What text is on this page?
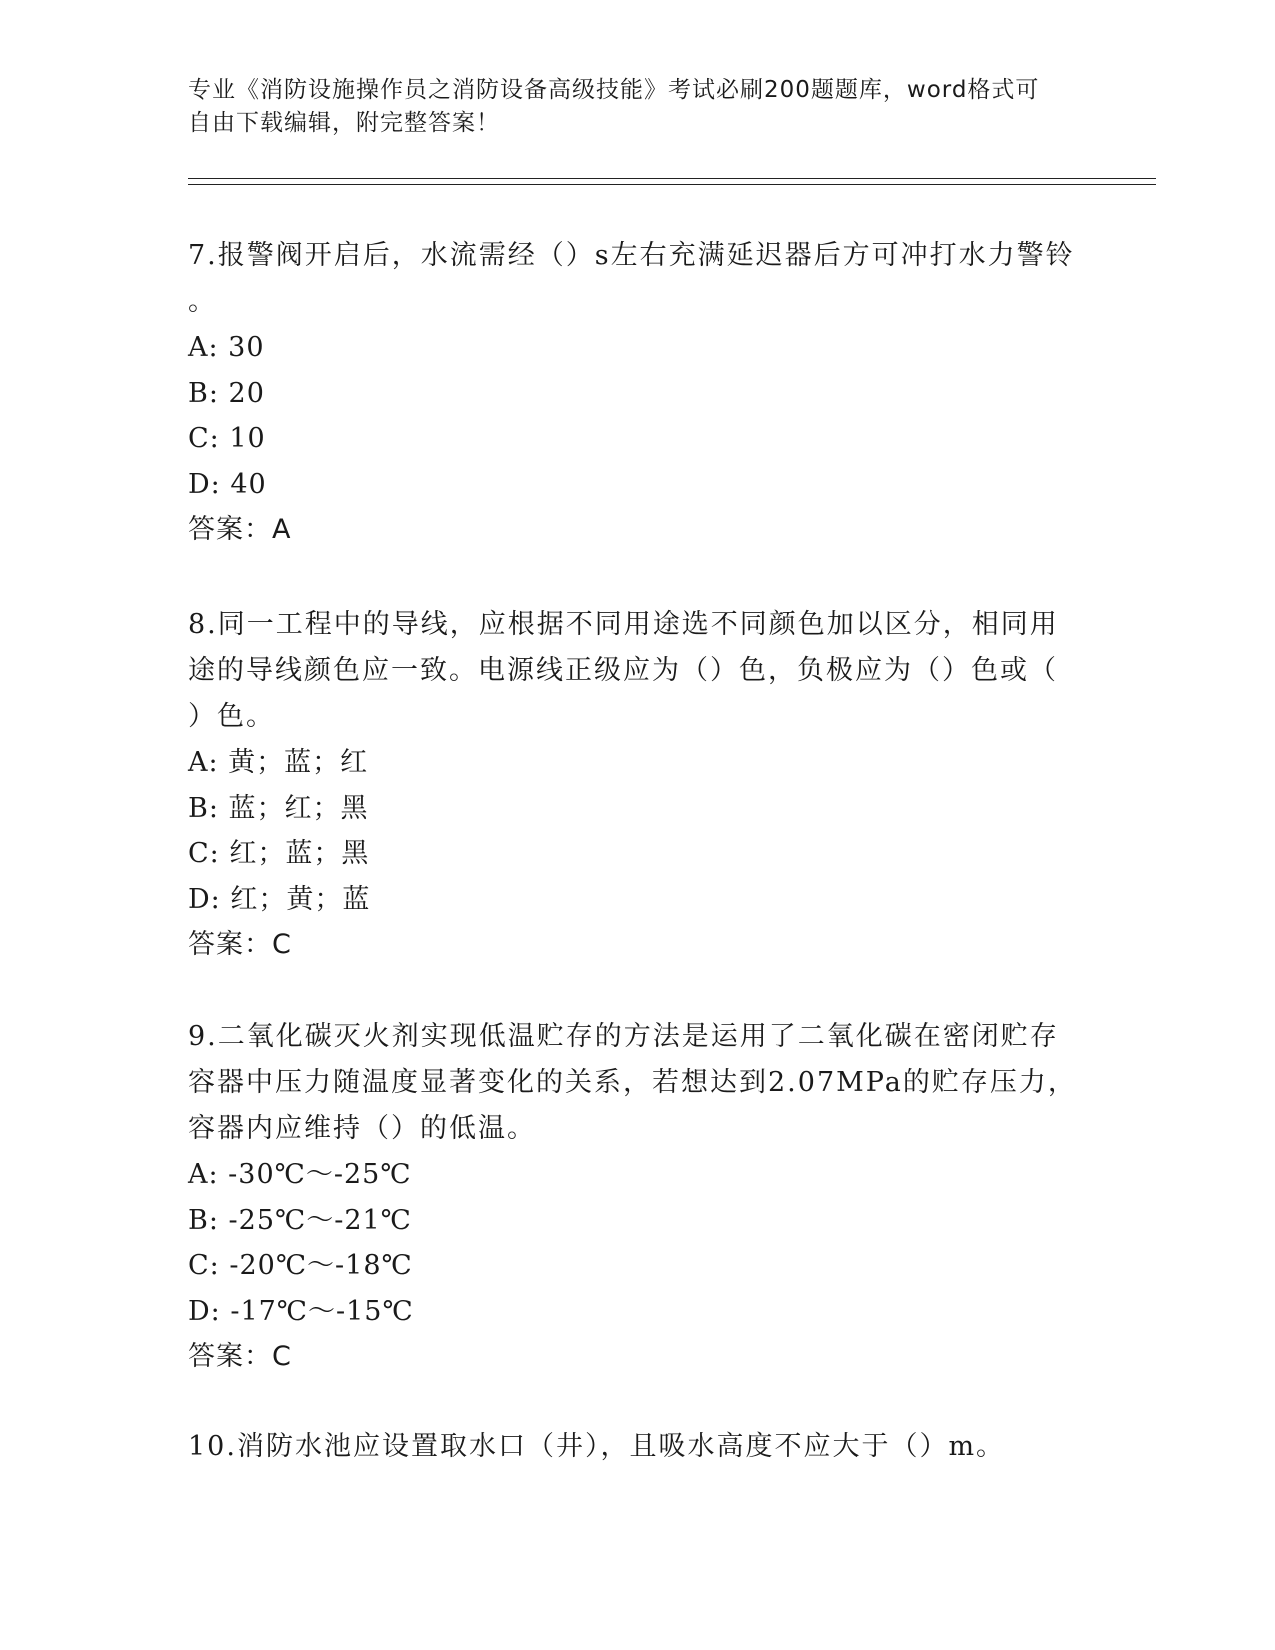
专业《消防设施操作员之消防设备高级技能》考试必刷200题题库，word格式可
自由下载编辑，附完整答案！

7.报警阀开启后，水流需经（）s左右充满延迟器后方可冲打水力警铃

。

A: 30

B: 20

C: 10

D: 40

答案：A

8.同一工程中的导线，应根据不同用途选不同颜色加以区分，相同用

途的导线颜色应一致。电源线正级应为（）色，负极应为（）色或（

）色。

A: 黄；蓝；红

B: 蓝；红；黑

C: 红；蓝；黑

D: 红；黄；蓝

答案：C

9.二氧化碳灭火剂实现低温贮存的方法是运用了二氧化碳在密闭贮存

容器中压力随温度显著变化的关系，若想达到2.07MPa的贮存压力，

容器内应维持（）的低温。

A: -30℃～-25℃

B: -25℃～-21℃

C: -20℃～-18℃

D: -17℃～-15℃

答案：C

10.消防水池应设置取水口（井），且吸水高度不应大于（）m。
